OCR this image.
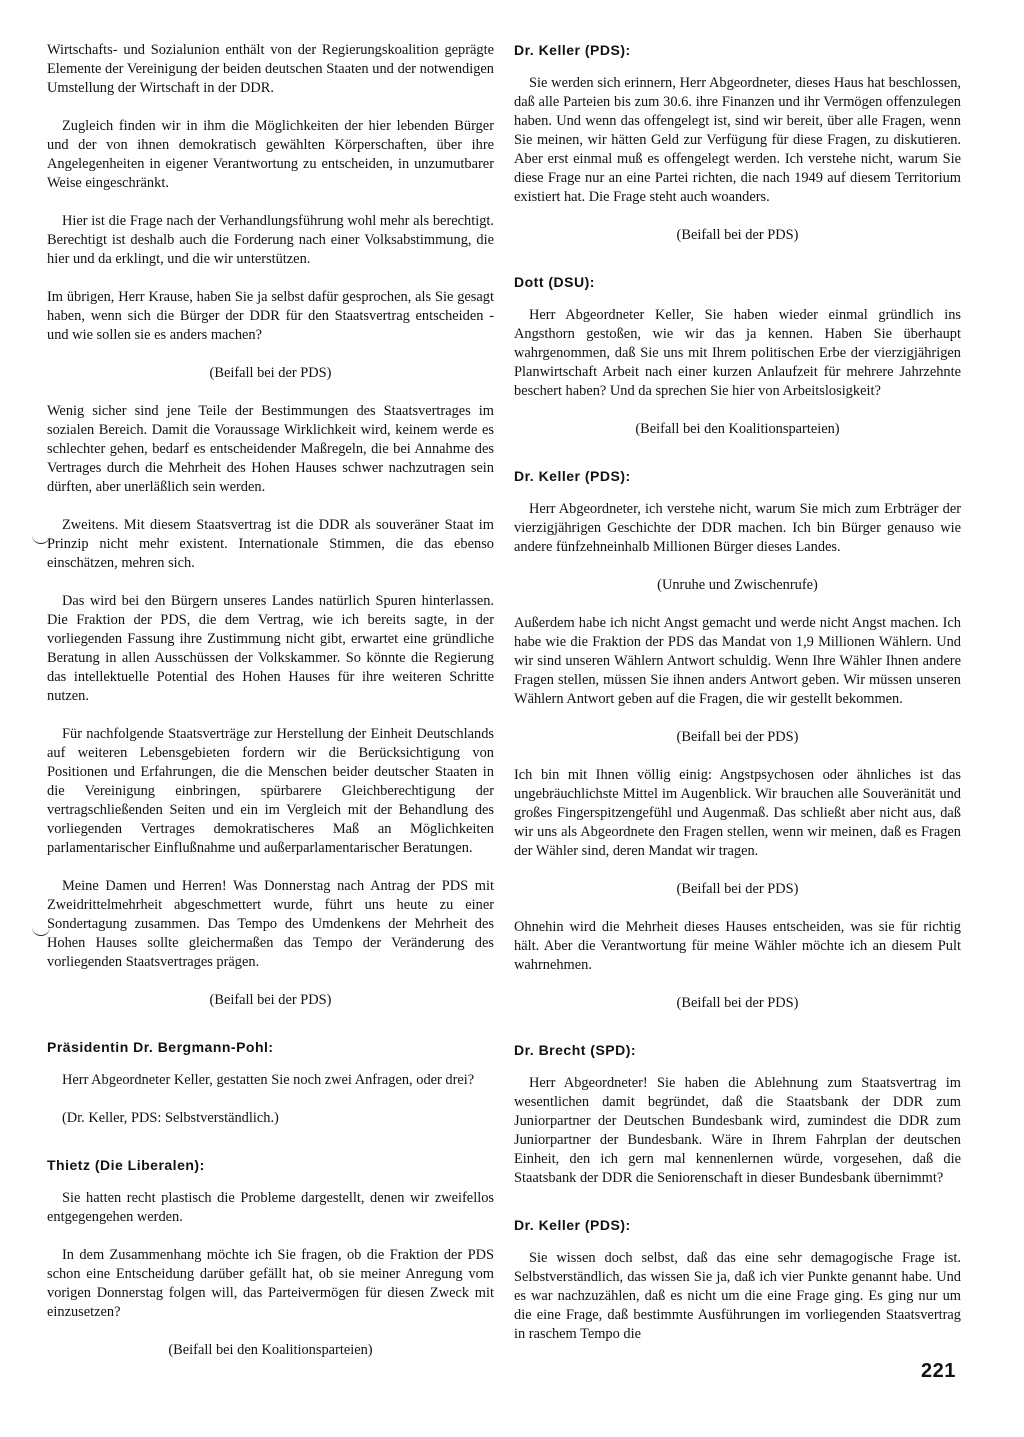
Wirtschafts- und Sozialunion enthält von der Regierungskoalition geprägte Elemente der Vereinigung der beiden deutschen Staaten und der notwendigen Umstellung der Wirtschaft in der DDR.

Zugleich finden wir in ihm die Möglichkeiten der hier lebenden Bürger und der von ihnen demokratisch gewählten Körperschaften, über ihre Angelegenheiten in eigener Verantwortung zu entscheiden, in unzumutbarer Weise eingeschränkt.

Hier ist die Frage nach der Verhandlungsführung wohl mehr als berechtigt. Berechtigt ist deshalb auch die Forderung nach einer Volksabstimmung, die hier und da erklingt, und die wir unterstützen.

Im übrigen, Herr Krause, haben Sie ja selbst dafür gesprochen, als Sie gesagt haben, wenn sich die Bürger der DDR für den Staatsvertrag entscheiden - und wie sollen sie es anders machen?

(Beifall bei der PDS)

Wenig sicher sind jene Teile der Bestimmungen des Staatsvertrages im sozialen Bereich. Damit die Voraussage Wirklichkeit wird, keinem werde es schlechter gehen, bedarf es entscheidender Maßregeln, die bei Annahme des Vertrages durch die Mehrheit des Hohen Hauses schwer nachzutragen sein dürften, aber unerläßlich sein werden.

Zweitens. Mit diesem Staatsvertrag ist die DDR als souveräner Staat im Prinzip nicht mehr existent. Internationale Stimmen, die das ebenso einschätzen, mehren sich.

Das wird bei den Bürgern unseres Landes natürlich Spuren hinterlassen. Die Fraktion der PDS, die dem Vertrag, wie ich bereits sagte, in der vorliegenden Fassung ihre Zustimmung nicht gibt, erwartet eine gründliche Beratung in allen Ausschüssen der Volkskammer. So könnte die Regierung das intellektuelle Potential des Hohen Hauses für ihre weiteren Schritte nutzen.

Für nachfolgende Staatsverträge zur Herstellung der Einheit Deutschlands auf weiteren Lebensgebieten fordern wir die Berücksichtigung von Positionen und Erfahrungen, die die Menschen beider deutscher Staaten in die Vereinigung einbringen, spürbarere Gleichberechtigung der vertragschließenden Seiten und ein im Vergleich mit der Behandlung des vorliegenden Vertrages demokratischeres Maß an Möglichkeiten parlamentarischer Einflußnahme und außerparlamentarischer Beratungen.

Meine Damen und Herren! Was Donnerstag nach Antrag der PDS mit Zweidrittelmehrheit abgeschmettert wurde, führt uns heute zu einer Sondertagung zusammen. Das Tempo des Umdenkens der Mehrheit des Hohen Hauses sollte gleichermaßen das Tempo der Veränderung des vorliegenden Staatsvertrages prägen.

(Beifall bei der PDS)

Präsidentin Dr. Bergmann-Pohl:

Herr Abgeordneter Keller, gestatten Sie noch zwei Anfragen, oder drei?

(Dr. Keller, PDS: Selbstverständlich.)

Thietz (Die Liberalen):

Sie hatten recht plastisch die Probleme dargestellt, denen wir zweifellos entgegengehen werden.

In dem Zusammenhang möchte ich Sie fragen, ob die Fraktion der PDS schon eine Entscheidung darüber gefällt hat, ob sie meiner Anregung vom vorigen Donnerstag folgen will, das Parteivermögen für diesen Zweck mit einzusetzen?

(Beifall bei den Koalitionsparteien)

Dr. Keller (PDS):

Sie werden sich erinnern, Herr Abgeordneter, dieses Haus hat beschlossen, daß alle Parteien bis zum 30.6. ihre Finanzen und ihr Vermögen offenzulegen haben. Und wenn das offengelegt ist, sind wir bereit, über alle Fragen, wenn Sie meinen, wir hätten Geld zur Verfügung für diese Fragen, zu diskutieren. Aber erst einmal muß es offengelegt werden. Ich verstehe nicht, warum Sie diese Frage nur an eine Partei richten, die nach 1949 auf diesem Territorium existiert hat. Die Frage steht auch woanders.

(Beifall bei der PDS)

Dott (DSU):

Herr Abgeordneter Keller, Sie haben wieder einmal gründlich ins Angsthorn gestoßen, wie wir das ja kennen. Haben Sie überhaupt wahrgenommen, daß Sie uns mit Ihrem politischen Erbe der vierzigjährigen Planwirtschaft Arbeit nach einer kurzen Anlaufzeit für mehrere Jahrzehnte beschert haben? Und da sprechen Sie hier von Arbeitslosigkeit?

(Beifall bei den Koalitionsparteien)

Dr. Keller (PDS):

Herr Abgeordneter, ich verstehe nicht, warum Sie mich zum Erbträger der vierzigjährigen Geschichte der DDR machen. Ich bin Bürger genauso wie andere fünfzehneinhalb Millionen Bürger dieses Landes.

(Unruhe und Zwischenrufe)

Außerdem habe ich nicht Angst gemacht und werde nicht Angst machen. Ich habe wie die Fraktion der PDS das Mandat von 1,9 Millionen Wählern. Und wir sind unseren Wählern Antwort schuldig. Wenn Ihre Wähler Ihnen andere Fragen stellen, müssen Sie ihnen anders Antwort geben. Wir müssen unseren Wählern Antwort geben auf die Fragen, die wir gestellt bekommen.

(Beifall bei der PDS)

Ich bin mit Ihnen völlig einig: Angstpsychosen oder ähnliches ist das ungebräuchlichste Mittel im Augenblick. Wir brauchen alle Souveränität und großes Fingerspitzengefühl und Augenmaß. Das schließt aber nicht aus, daß wir uns als Abgeordnete den Fragen stellen, wenn wir meinen, daß es Fragen der Wähler sind, deren Mandat wir tragen.

(Beifall bei der PDS)

Ohnehin wird die Mehrheit dieses Hauses entscheiden, was sie für richtig hält. Aber die Verantwortung für meine Wähler möchte ich an diesem Pult wahrnehmen.

(Beifall bei der PDS)

Dr. Brecht (SPD):

Herr Abgeordneter! Sie haben die Ablehnung zum Staatsvertrag im wesentlichen damit begründet, daß die Staatsbank der DDR zum Juniorpartner der Deutschen Bundesbank wird, zumindest die DDR zum Juniorpartner der Bundesbank. Wäre in Ihrem Fahrplan der deutschen Einheit, den ich gern mal kennenlernen würde, vorgesehen, daß die Staatsbank der DDR die Seniorenschaft in dieser Bundesbank übernimmt?

Dr. Keller (PDS):

Sie wissen doch selbst, daß das eine sehr demagogische Frage ist. Selbstverständlich, das wissen Sie ja, daß ich vier Punkte genannt habe. Und es war nachzuzählen, daß es nicht um die eine Frage ging. Es ging nur um die eine Frage, daß bestimmte Ausführungen im vorliegenden Staatsvertrag in raschem Tempo die

221
